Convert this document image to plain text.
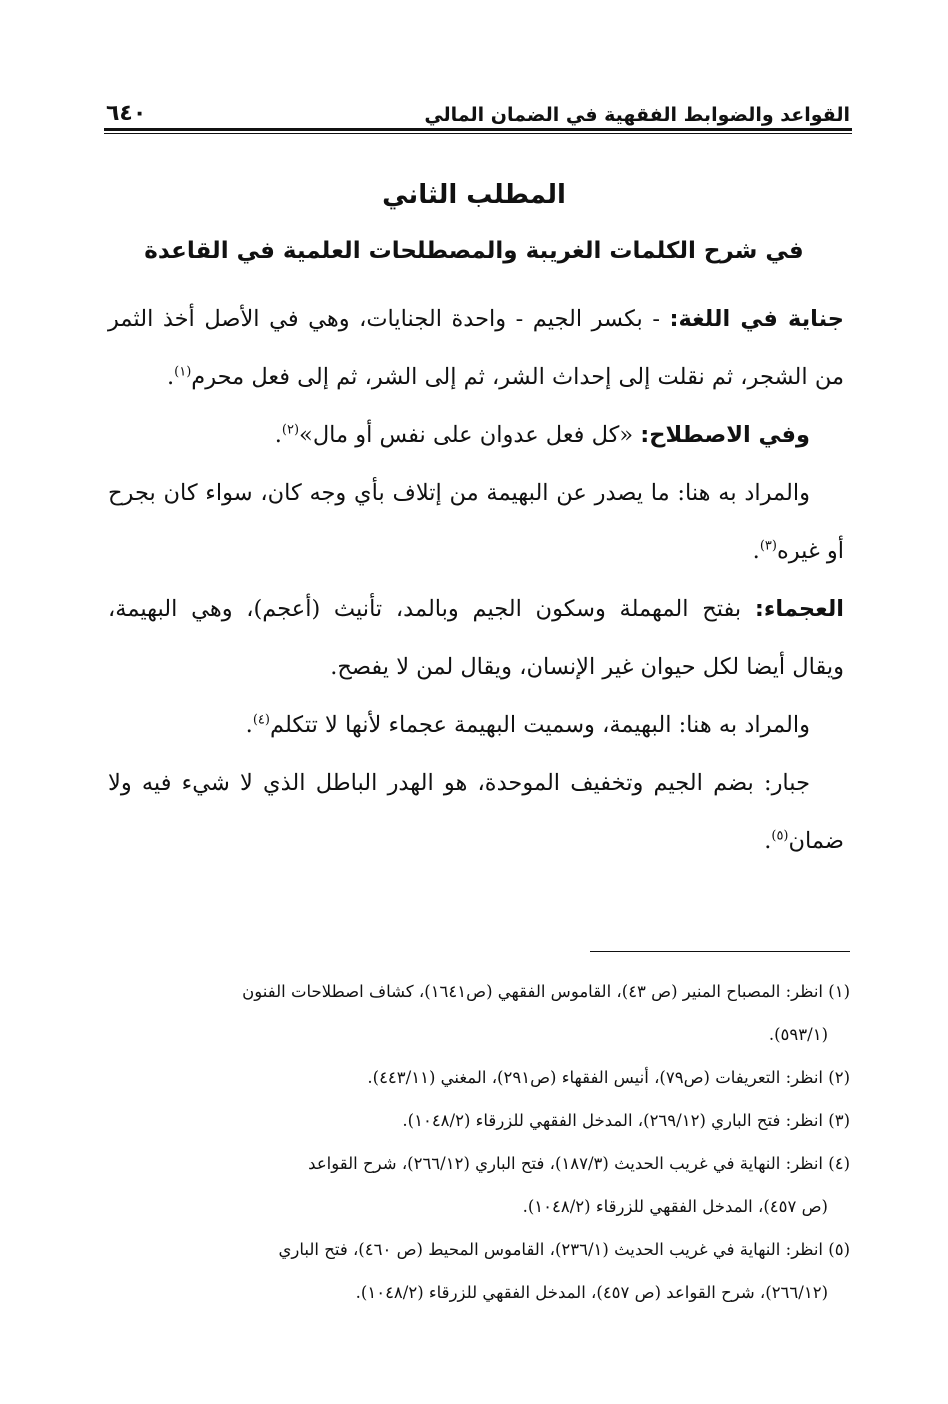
القواعد والضوابط الفقهية في الضمان المالي
٦٤٠
المطلب الثاني
في شرح الكلمات الغريبة والمصطلحات العلمية في القاعدة

جناية في اللغة: - بكسر الجيم - واحدة الجنايات، وهي في الأصل أخذ الثمر من الشجر، ثم نقلت إلى إحداث الشر، ثم إلى الشر، ثم إلى فعل محرم$^{(١)}$.

وفي الاصطلاح: «كل فعل عدوان على نفس أو مال»$^{(٢)}$.

والمراد به هنا: ما يصدر عن البهيمة من إتلاف بأي وجه كان، سواء كان بجرح أو غيره$^{(٣)}$.

العجماء: بفتح المهملة وسكون الجيم وبالمد، تأنيث (أعجم)، وهي البهيمة، ويقال أيضا لكل حيوان غير الإنسان، ويقال لمن لا يفصح.

والمراد به هنا: البهيمة، وسميت البهيمة عجماء لأنها لا تتكلم$^{(٤)}$.

جبار: بضم الجيم وتخفيف الموحدة، هو الهدر الباطل الذي لا شيء فيه ولا ضمان$^{(٥)}$.

(١) انظر: المصباح المنير (ص ٤٣)، القاموس الفقهي (ص١٦٤١)، كشاف اصطلاحات الفنون

(٥٩٣/١).

(٢) انظر: التعريفات (ص٧٩)، أنيس الفقهاء (ص٢٩١)، المغني (٤٤٣/١١).

(٣) انظر: فتح الباري (٢٦٩/١٢)، المدخل الفقهي للزرقاء (١٠٤٨/٢).

(٤) انظر: النهاية في غريب الحديث (١٨٧/٣)، فتح الباري (٢٦٦/١٢)، شرح القواعد

(ص ٤٥٧)، المدخل الفقهي للزرقاء (١٠٤٨/٢).

(٥) انظر: النهاية في غريب الحديث (٢٣٦/١)، القاموس المحيط (ص ٤٦٠)، فتح الباري

(٢٦٦/١٢)، شرح القواعد (ص ٤٥٧)، المدخل الفقهي للزرقاء (١٠٤٨/٢).
